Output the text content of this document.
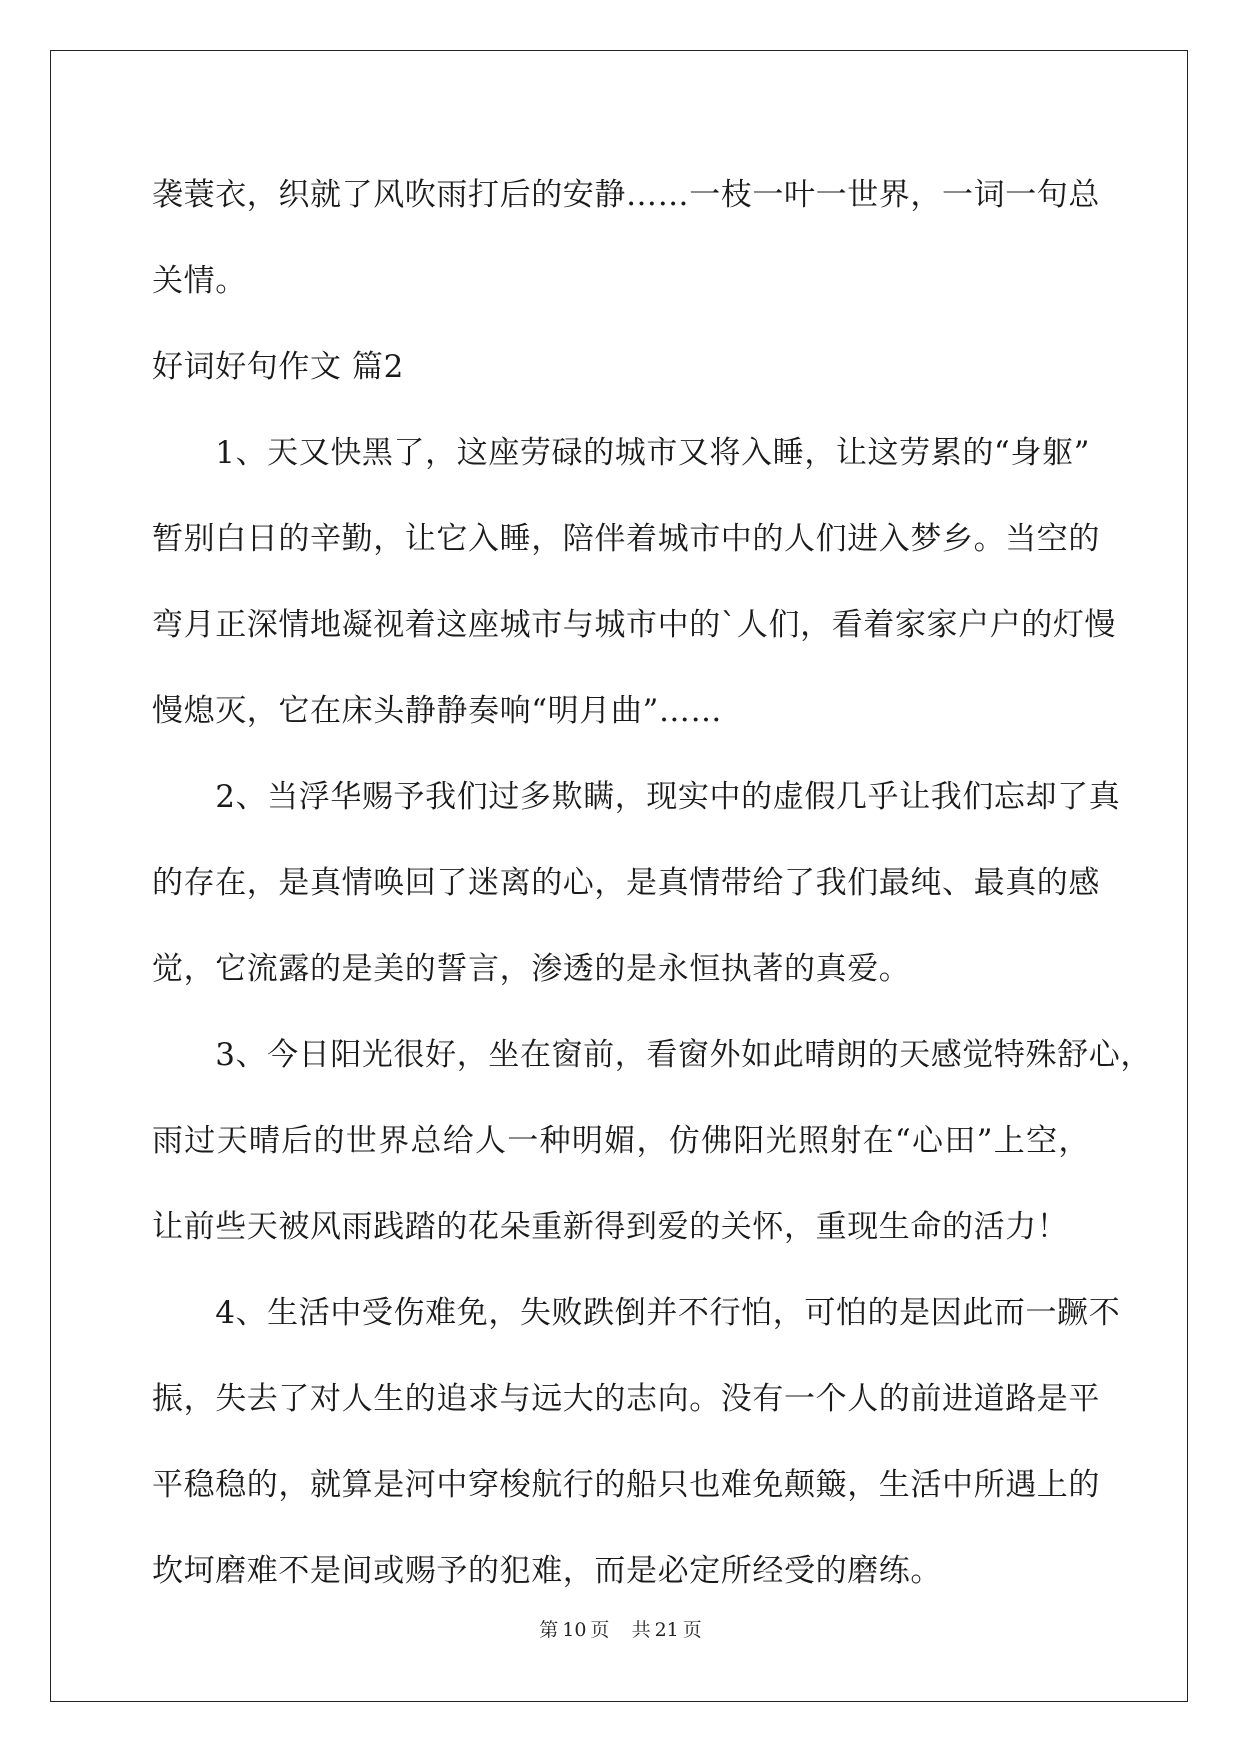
袭蓑衣，织就了风吹雨打后的安静……一枝一叶一世界，一词一句总
关情。
好词好句作文 篇2
　　1、天又快黑了，这座劳碌的城市又将入睡，让这劳累的“身躯”
暂别白日的辛勤，让它入睡，陪伴着城市中的人们进入梦乡。当空的
弯月正深情地凝视着这座城市与城市中的`人们，看着家家户户的灯慢
慢熄灭，它在床头静静奏响“明月曲”……
　　2、当浮华赐予我们过多欺瞒，现实中的虚假几乎让我们忘却了真
的存在，是真情唤回了迷离的心，是真情带给了我们最纯、最真的感
觉，它流露的是美的誓言，渗透的是永恒执著的真爱。
　　3、今日阳光很好，坐在窗前，看窗外如此晴朗的天感觉特殊舒心，
雨过天晴后的世界总给人一种明媚，仿佛阳光照射在“心田”上空，
让前些天被风雨践踏的花朵重新得到爱的关怀，重现生命的活力！
　　4、生活中受伤难免，失败跌倒并不行怕，可怕的是因此而一蹶不
振，失去了对人生的追求与远大的志向。没有一个人的前进道路是平
平稳稳的，就算是河中穿梭航行的船只也难免颠簸，生活中所遇上的
坎坷磨难不是间或赐予的犯难，而是必定所经受的磨练。
第 10 页 共 21 页
